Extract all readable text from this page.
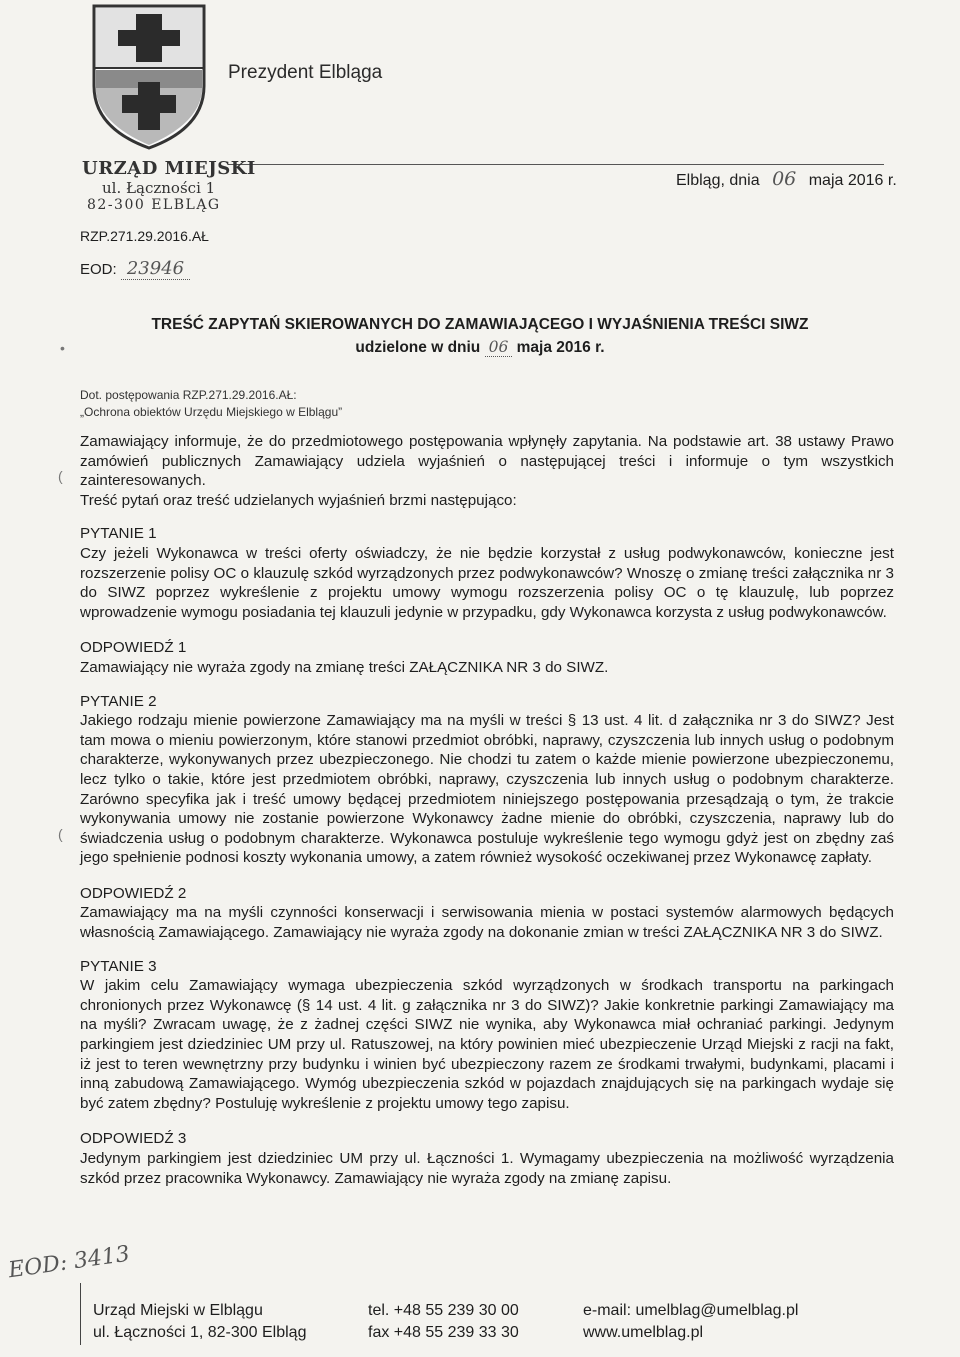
Prezydent Elbląga
URZĄD MIEJSKI
ul. Łączności 1
82-300 ELBLĄG
Elbląg, dnia 06 maja 2016 r.
RZP.271.29.2016.AŁ
EOD: 23946
TREŚĆ ZAPYTAŃ SKIEROWANYCH DO ZAMAWIAJĄCEGO I WYJAŚNIENIA TREŚCI SIWZ
udzielone w dniu 06 maja 2016 r.
Dot. postępowania RZP.271.29.2016.AŁ:
„Ochrona obiektów Urzędu Miejskiego w Elblągu”

Zamawiający informuje, że do przedmiotowego postępowania wpłynęły zapytania. Na podstawie art. 38 ustawy Prawo zamówień publicznych Zamawiający udziela wyjaśnień o następującej treści i informuje o tym wszystkich zainteresowanych.

Treść pytań oraz treść udzielanych wyjaśnień brzmi następująco:

PYTANIE 1

Czy jeżeli Wykonawca w treści oferty oświadczy, że nie będzie korzystał z usług podwykonawców, konieczne jest rozszerzenie polisy OC o klauzulę szkód wyrządzonych przez podwykonawców? Wnoszę o zmianę treści załącznika nr 3 do SIWZ poprzez wykreślenie z projektu umowy wymogu rozszerzenia polisy OC o tę klauzulę, lub poprzez wprowadzenie wymogu posiadania tej klauzuli jedynie w przypadku, gdy Wykonawca korzysta z usług podwykonawców.

ODPOWIEDŹ 1

Zamawiający nie wyraża zgody na zmianę treści ZAŁĄCZNIKA NR 3 do SIWZ.

PYTANIE 2

Jakiego rodzaju mienie powierzone Zamawiający ma na myśli w treści § 13 ust. 4 lit. d załącznika nr 3 do SIWZ? Jest tam mowa o mieniu powierzonym, które stanowi przedmiot obróbki, naprawy, czyszczenia lub innych usług o podobnym charakterze, wykonywanych przez ubezpieczonego. Nie chodzi tu zatem o każde mienie powierzone ubezpieczonemu, lecz tylko o takie, które jest przedmiotem obróbki, naprawy, czyszczenia lub innych usług o podobnym charakterze. Zarówno specyfika jak i treść umowy będącej przedmiotem niniejszego postępowania przesądzają o tym, że trakcie wykonywania umowy nie zostanie powierzone Wykonawcy żadne mienie do obróbki, czyszczenia, naprawy lub do świadczenia usług o podobnym charakterze. Wykonawca postuluje wykreślenie tego wymogu gdyż jest on zbędny zaś jego spełnienie podnosi koszty wykonania umowy, a zatem również wysokość oczekiwanej przez Wykonawcę zapłaty.

ODPOWIEDŹ 2

Zamawiający ma na myśli czynności konserwacji i serwisowania mienia w postaci systemów alarmowych będących własnością Zamawiającego. Zamawiający nie wyraża zgody na dokonanie zmian w treści ZAŁĄCZNIKA NR 3 do SIWZ.

PYTANIE 3

W jakim celu Zamawiający wymaga ubezpieczenia szkód wyrządzonych w środkach transportu na parkingach chronionych przez Wykonawcę (§ 14 ust. 4 lit. g załącznika nr 3 do SIWZ)? Jakie konkretnie parkingi Zamawiający ma na myśli? Zwracam uwagę, że z żadnej części SIWZ nie wynika, aby Wykonawca miał ochraniać parkingi. Jedynym parkingiem jest dziedziniec UM przy ul. Ratuszowej, na który powinien mieć ubezpieczenie Urząd Miejski z racji na fakt, iż jest to teren wewnętrzny przy budynku i winien być ubezpieczony razem ze środkami trwałymi, budynkami, placami i inną zabudową Zamawiającego. Wymóg ubezpieczenia szkód w pojazdach znajdujących się na parkingach wydaje się być zatem zbędny? Postuluję wykreślenie z projektu umowy tego zapisu.

ODPOWIEDŹ 3

Jedynym parkingiem jest dziedziniec UM przy ul. Łączności 1. Wymagamy ubezpieczenia na możliwość wyrządzenia szkód przez pracownika Wykonawcy. Zamawiający nie wyraża zgody na zmianę zapisu.

EOD: 3413
Urząd Miejski w Elblągu
ul. Łączności 1, 82-300 Elbląg
tel. +48 55 239 30 00
fax +48 55 239 33 30
e-mail: umelblag@umelblag.pl
www.umelblag.pl
•
(
(
